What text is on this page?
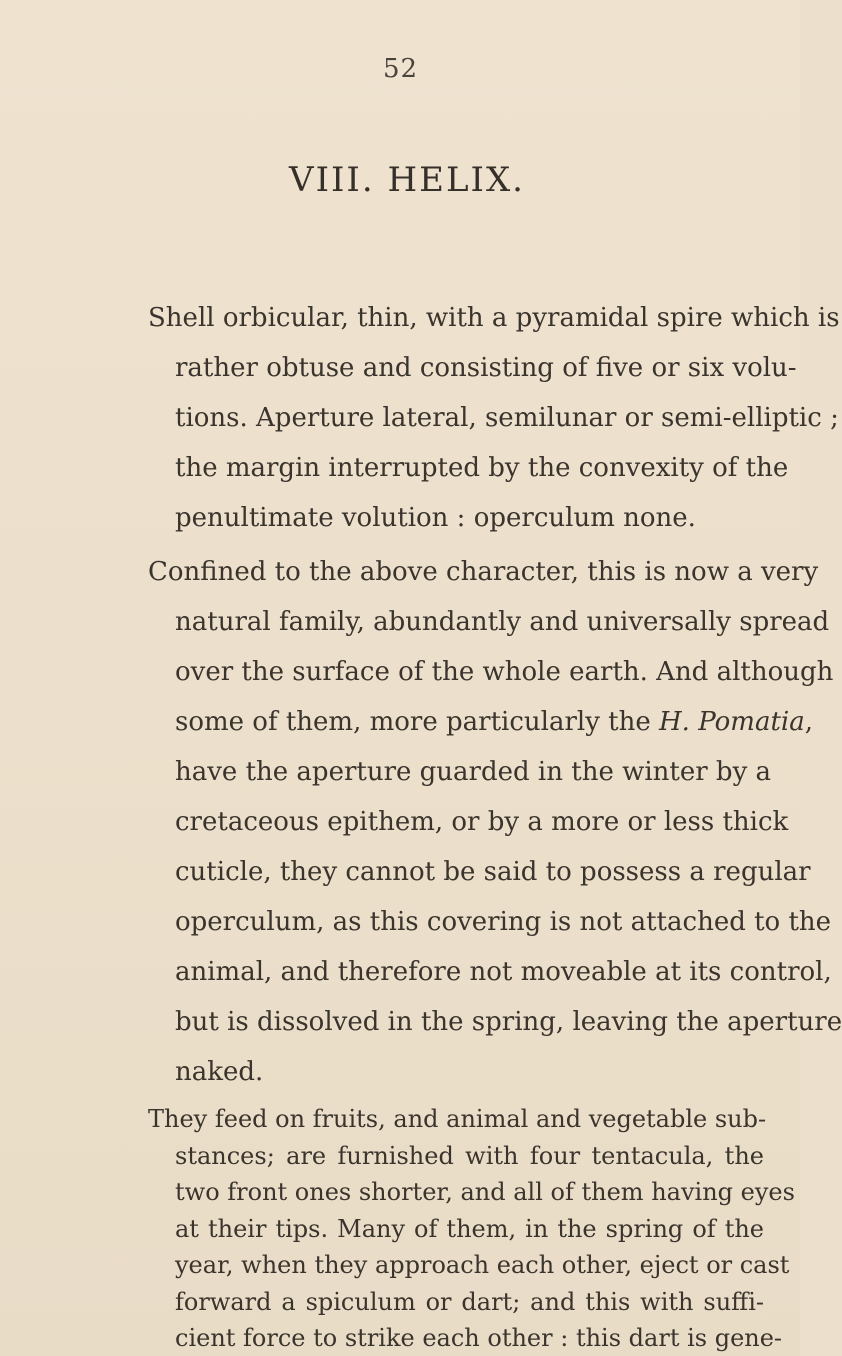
52
VIII. HELIX.
Shell orbicular, thin, with a pyramidal spire which is
rather obtuse and consisting of five or six volu-
tions. Aperture lateral, semilunar or semi-elliptic ;
the margin interrupted by the convexity of the
penultimate volution : operculum none.
Confined to the above character, this is now a very
natural family, abundantly and universally spread
over the surface of the whole earth. And although
some of them, more particularly the H. Pomatia,
have the aperture guarded in the winter by a
cretaceous epithem, or by a more or less thick
cuticle, they cannot be said to possess a regular
operculum, as this covering is not attached to the
animal, and therefore not moveable at its control,
but is dissolved in the spring, leaving the aperture
naked.
They feed on fruits, and animal and vegetable sub-
stances; are furnished with four tentacula, the
two front ones shorter, and all of them having eyes
at their tips. Many of them, in the spring of the
year, when they approach each other, eject or cast
forward a spiculum or dart; and this with suffi-
cient force to strike each other : this dart is gene-
